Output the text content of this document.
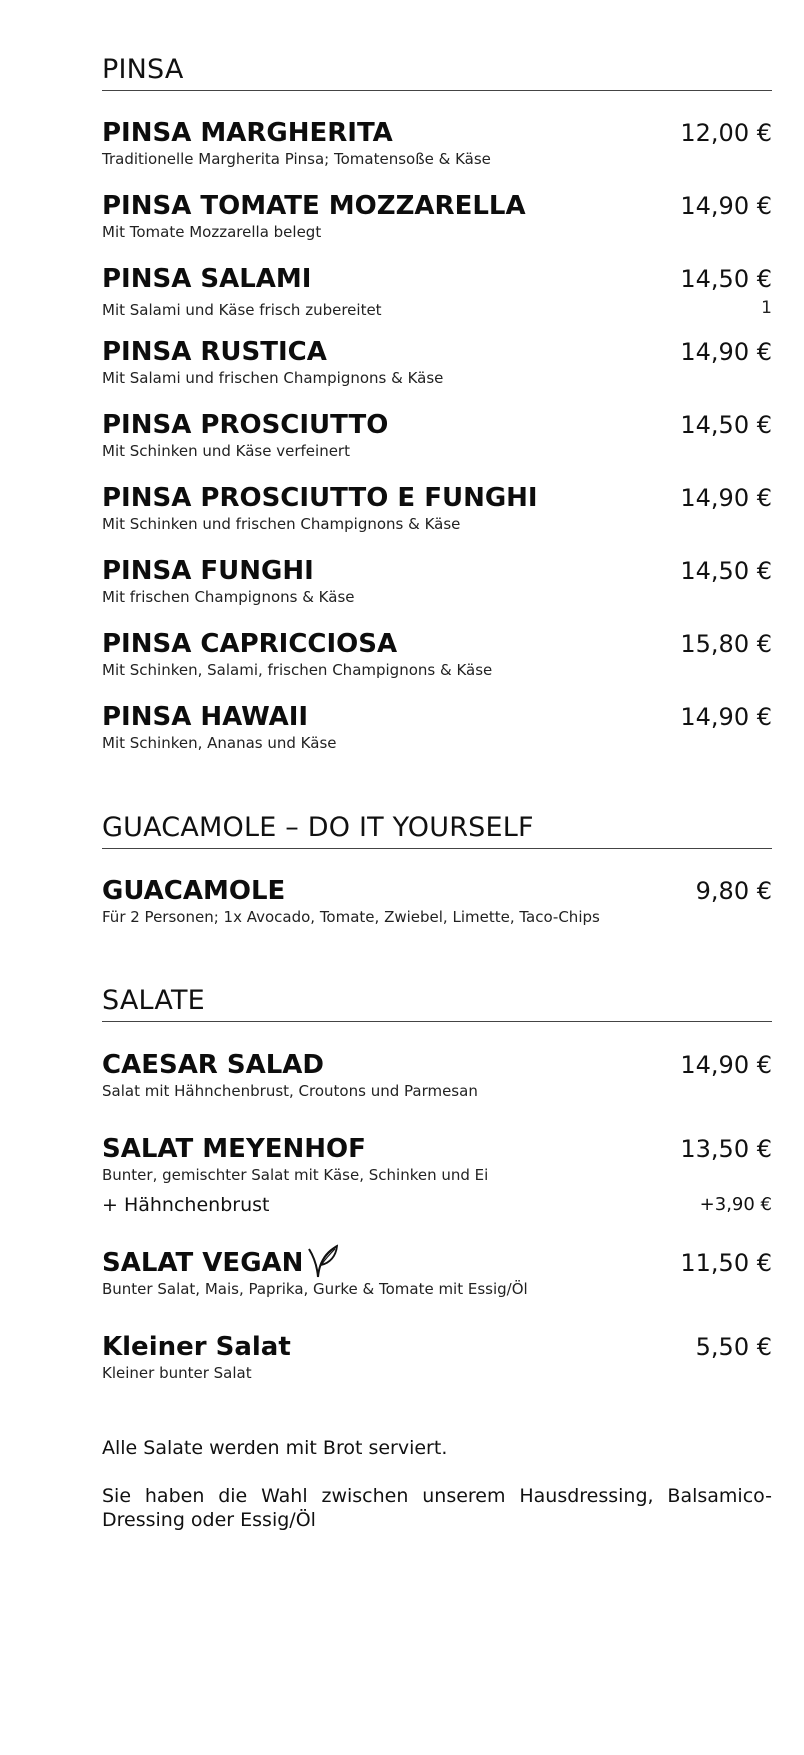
PINSA
PINSA MARGHERITA	12,00 €
Traditionelle Margherita Pinsa; Tomatensoße & Käse
PINSA TOMATE MOZZARELLA	14,90 €
Mit Tomate Mozzarella belegt
PINSA SALAMI	14,50 €
Mit Salami und Käse frisch zubereitet	1
PINSA RUSTICA	14,90 €
Mit Salami und frischen Champignons & Käse
PINSA PROSCIUTTO	14,50 €
Mit Schinken und Käse verfeinert
PINSA PROSCIUTTO E FUNGHI	14,90 €
Mit Schinken und frischen Champignons & Käse
PINSA FUNGHI	14,50 €
Mit frischen Champignons & Käse
PINSA CAPRICCIOSA	15,80 €
Mit Schinken, Salami, frischen Champignons & Käse
PINSA HAWAII	14,90 €
Mit Schinken, Ananas und Käse
GUACAMOLE – DO IT YOURSELF
GUACAMOLE	9,80 €
Für 2 Personen; 1x Avocado, Tomate, Zwiebel, Limette, Taco-Chips
SALATE
CAESAR SALAD	14,90 €
Salat mit Hähnchenbrust, Croutons und Parmesan
SALAT MEYENHOF	13,50 €
Bunter, gemischter Salat mit Käse, Schinken und Ei
+ Hähnchenbrust	+3,90 €
SALAT VEGAN	11,50 €
Bunter Salat, Mais, Paprika, Gurke & Tomate mit Essig/Öl
Kleiner Salat	5,50 €
Kleiner bunter Salat
Alle Salate werden mit Brot serviert.
Sie haben die Wahl zwischen unserem Hausdressing, Balsamico-Dressing oder Essig/Öl
